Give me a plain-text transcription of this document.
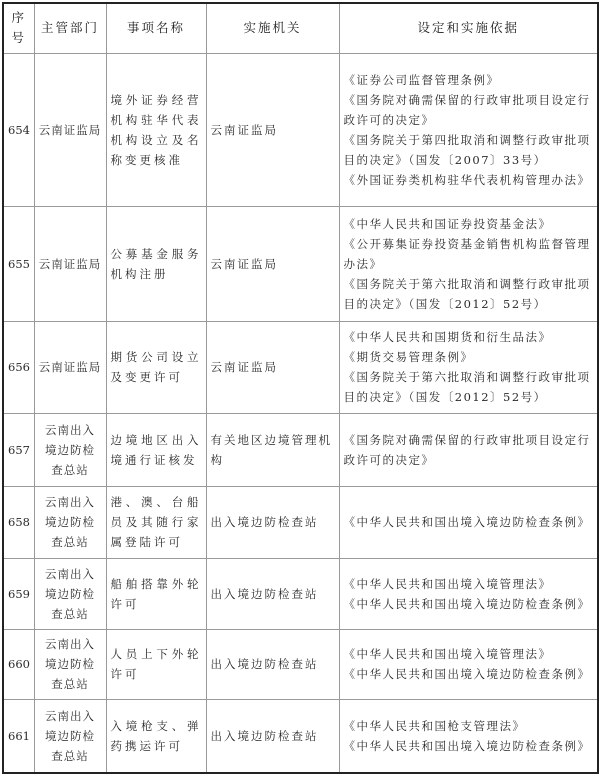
序
号	主管部门	事项名称	实施机关	设定和实施依据
654	云南证监局	境外证券经营机构驻华代表机构设立及名称变更核准	云南证监局	《证券公司监督管理条例》
《国务院对确需保留的行政审批项目设定行政许可的决定》
《国务院关于第四批取消和调整行政审批项目的决定》（国发〔2007〕33号）
《外国证券类机构驻华代表机构管理办法》

655	云南证监局	公募基金服务机构注册	云南证监局	《中华人民共和国证券投资基金法》
《公开募集证券投资基金销售机构监督管理办法》
《国务院关于第六批取消和调整行政审批项目的决定》（国发〔2012〕52号）

656	云南证监局	期货公司设立及变更许可	云南证监局	《中华人民共和国期货和衍生品法》
《期货交易管理条例》
《国务院关于第六批取消和调整行政审批项目的决定》（国发〔2012〕52号）

657	云南出入
境边防检
查总站	边境地区出入境通行证核发	有关地区边境管理机构	《国务院对确需保留的行政审批项目设定行政许可的决定》

658	云南出入
境边防检
查总站	港、澳、台船员及其随行家属登陆许可	出入境边防检查站	《中华人民共和国出境入境边防检查条例》

659	云南出入
境边防检
查总站	船舶搭靠外轮许可	出入境边防检查站	《中华人民共和国出境入境管理法》
《中华人民共和国出境入境边防检查条例》

660	云南出入
境边防检
查总站	人员上下外轮许可	出入境边防检查站	《中华人民共和国出境入境管理法》
《中华人民共和国出境入境边防检查条例》

661	云南出入
境边防检
查总站	入境枪支、弹药携运许可	出入境边防检查站	《中华人民共和国枪支管理法》
《中华人民共和国出境入境边防检查条例》
